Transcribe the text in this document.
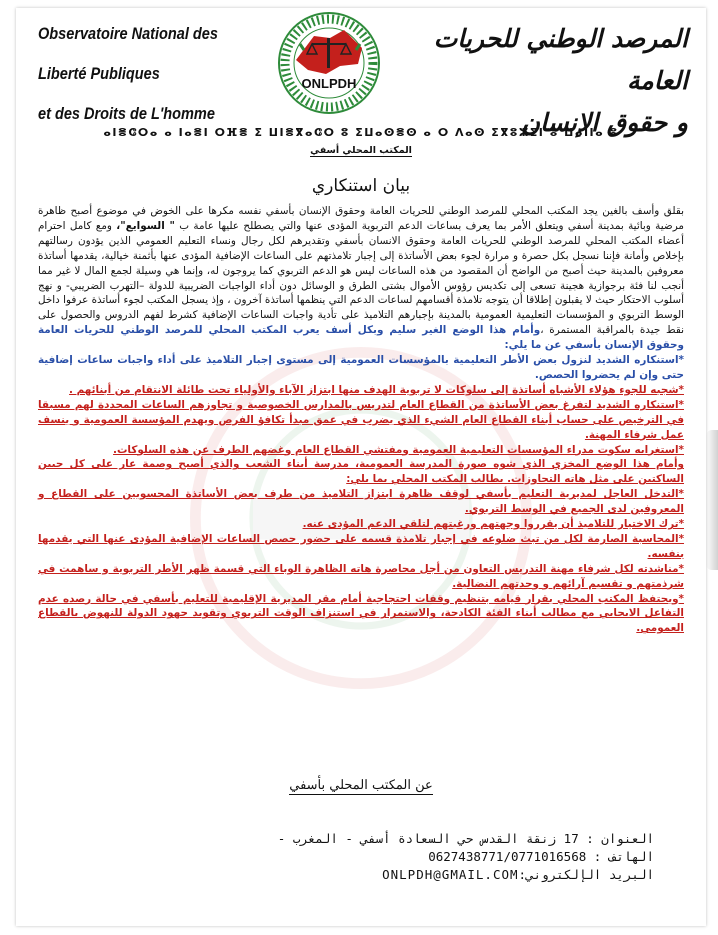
Observatoire National des Liberté Publiques
et des Droits de L'homme
ONLPDH
المرصد الوطني للحريات العامة
و حقوق الإنسان
ⴰⵏⴻⵛⵔⴰ ⴰ ⵏⴰⴻⵏ ⵔⴼⴻ ⵉ ⵡⵏⴻⴳⴰⵛⵔ ⵓ ⵉⵡⴰⵙⴻⵙ ⴰ ⵔ ⴷⴰⵙ ⵉⴳⵓⵣⵉⵏ ⵓ ⵡⴰⵏⵏⴰ ⵓ
المكتب المحلي أسفي
بيان استنكاري

بقلق وأسف بالغين يجد المكتب المحلي للمرصد الوطني للحريات العامة وحقوق الإنسان بأسفي نفسه مكرها على الخوض في موضوع أصبح ظاهرة مرضية وبائية بمدينة أسفي ويتعلق الأمر بما يعرف بساعات الدعم التربوية المؤدى عنها والتي يصطلح عليها عامة ب " السوايع"، ومع كامل احترام أعضاء المكتب المحلي للمرصد الوطني للحريات العامة وحقوق الانسان بأسفي وتقديرهم لكل رجال ونساء التعليم العمومي الذين يؤدون رسالتهم بإخلاص وأمانة فإننا نسجل بكل حصرة و مرارة لجوء بعض الأساتذة إلى إجبار تلامذتهم على الساعات الإضافية المؤدى عنها بأثمنة خيالية، يقدمها أساتذة معروفين بالمدينة حيث أصبح من الواضح أن المقصود من هذه الساعات ليس هو الدعم التربوي كما يروجون له، وإنما هي وسيلة لجمع المال لا غير مما أنجب لنا فئة برجوازية هجينة تسعى إلى تكديس رؤوس الأموال بشتى الطرق و الوسائل دون أداء الواجبات الضريبية للدولة –التهرب الضريبي- و نهج أسلوب الاحتكار حيث لا يقبلون إطلاقا أن يتوجه تلامذة أقسامهم لساعات الدعم التي ينظمها أساتذة آخرون ، وإذ يسجل المكتب لجوء أساتذة عرفوا داخل الوسط التربوي و المؤسسات التعليمية العمومية بالمدينة بإجبارهم التلاميذ على تأدية واجبات الساعات الإضافية كشرط لفهم الدروس والحصول على نقط جيدة بالمراقبة المستمرة ،وأمام هذا الوضع الغير سليم وبكل أسف يعرب المكتب المحلي للمرصد الوطني للحريات العامة وحقوق الإنسان بأسفي عن ما يلي:

*استنكاره الشديد لنزول بعض الأطر التعليمية بالمؤسسات العمومية إلى مستوى إجبار التلاميذ على أداء واجبات ساعات إضافية حتى وإن لم يحضروا الحصص.

*شجبه للجوء هؤلاء الأشباه أساتذة إلى سلوكات لا تربوية الهدف منها ابتزاز الآباء والأولياء تحت طائلة الانتقام من أبنائهم .

*استنكاره الشديد لتفرغ بعض الأساتذة من القطاع العام لتدريس بالمدارس الخصوصية و تجاوزهم الساعات المحددة لهم مسبقا في الترخيص على حساب أبناء القطاع العام الشيء الذي يضرب في عمق مبدأ تكافؤ الفرص ويهدم المؤسسة العمومية و ينسف عمل شرفاء المهنة.

*استغرابه سكوت مدراء المؤسسات التعليمية العمومية ومفتشي القطاع العام وغضهم الطرف عن هذه السلوكات.

وأمام هذا الوضع المخزي الذي شوه صورة المدرسة العمومية، مدرسة أبناء الشعب والذي أصبح وصمة عار على كل جبين الساكتين على مثل هاته التجاوزات. يطالب المكتب المحلي بما يلي:

*التدخل العاجل لمديرية التعليم بأسفي لوقف ظاهرة ابتزاز التلاميذ من طرف بعض الأساتذة المحسوبين على القطاع و المعروفين لدى الجميع في الوسط التربوي.

*ترك الاختيار للتلاميذ أن يقرروا وجهتهم ورغبتهم لتلقي الدعم المؤدى عنه.

*المحاسبة الصارمة لكل من تبث ضلوعه في إجبار تلامذة قسمه على حضور حصص الساعات الإضافية المؤدى عنها التي يقدمها بنفسه.

*مناشدته لكل شرفاء مهنة التدريس التعاون من أجل محاصرة هاته الظاهرة الوباء التي قسمة ظهر الأطر التربوية و ساهمت في شرذمتهم و تقسيم آرائهم و وحدتهم النضالية.

*ويحتفظ المكتب المحلي بقرار قيامه بتنظيم وقفات احتجاجية أمام مقر المديرية الإقليمية للتعليم بأسفي في حالة رصده عدم التفاعل الايجابي مع مطالب أبناء الفئة الكادحة، والاستمرار في استنزاف الوقت التربوي وتقويد جهود الدولة للنهوض بالقطاع العمومي.

عن المكتب المحلي بأسفي
العنوان : 17 زنقة القدس حي السعادة أسفي - المغرب -
الهاتف : 0627438771/0771016568
البريد الإلكتروني:ONLPDH@GMAIL.COM
